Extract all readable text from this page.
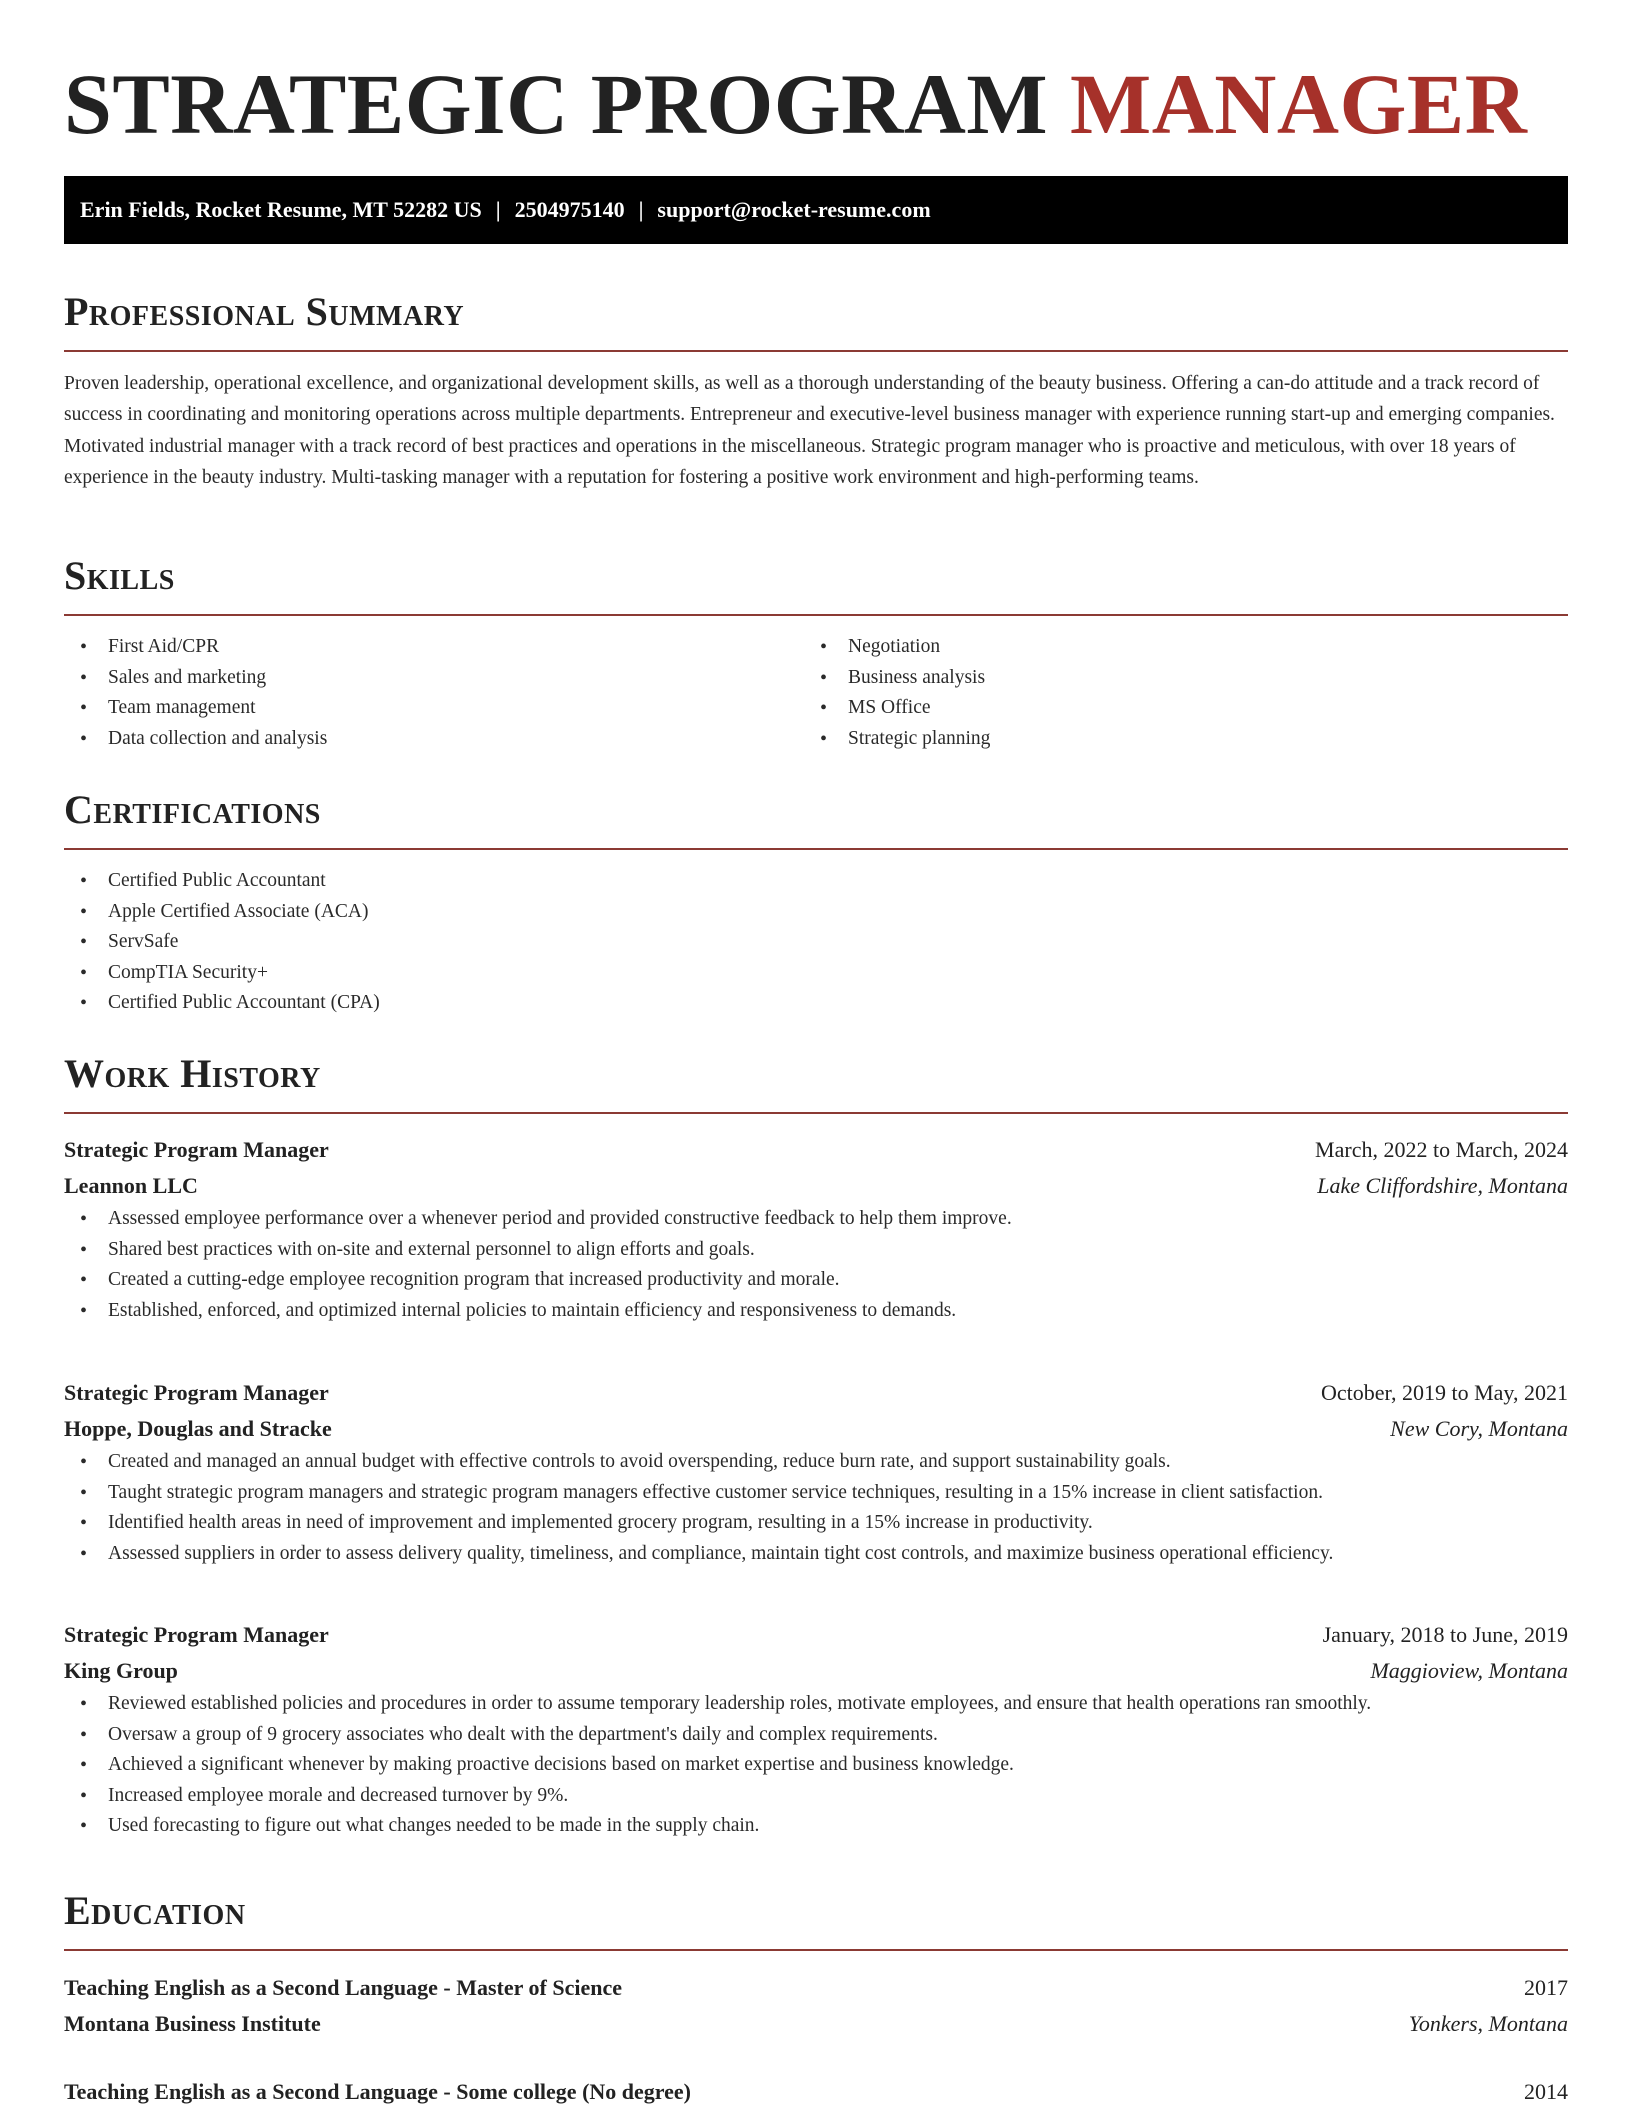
STRATEGIC PROGRAM MANAGER
Erin Fields, Rocket Resume, MT 52282 US | 2504975140 | support@rocket-resume.com
Professional Summary

Proven leadership, operational excellence, and organizational development skills, as well as a thorough understanding of the beauty business. Offering a can-do attitude and a track record of success in coordinating and monitoring operations across multiple departments. Entrepreneur and executive-level business manager with experience running start-up and emerging companies. Motivated industrial manager with a track record of best practices and operations in the miscellaneous. Strategic program manager who is proactive and meticulous, with over 18 years of experience in the beauty industry. Multi-tasking manager with a reputation for fostering a positive work environment and high-performing teams.

Skills
• First Aid/CPR
• Sales and marketing
• Team management
• Data collection and analysis
• Negotiation
• Business analysis
• MS Office
• Strategic planning
Certifications
• Certified Public Accountant
• Apple Certified Associate (ACA)
• ServSafe
• CompTIA Security+
• Certified Public Accountant (CPA)
Work History
Strategic Program Manager	March, 2022 to March, 2024
Leannon LLC	Lake Cliffordshire, Montana
• Assessed employee performance over a whenever period and provided constructive feedback to help them improve.
• Shared best practices with on-site and external personnel to align efforts and goals.
• Created a cutting-edge employee recognition program that increased productivity and morale.
• Established, enforced, and optimized internal policies to maintain efficiency and responsiveness to demands.
Strategic Program Manager	October, 2019 to May, 2021
Hoppe, Douglas and Stracke	New Cory, Montana
• Created and managed an annual budget with effective controls to avoid overspending, reduce burn rate, and support sustainability goals.
• Taught strategic program managers and strategic program managers effective customer service techniques, resulting in a 15% increase in client satisfaction.
• Identified health areas in need of improvement and implemented grocery program, resulting in a 15% increase in productivity.
• Assessed suppliers in order to assess delivery quality, timeliness, and compliance, maintain tight cost controls, and maximize business operational efficiency.
Strategic Program Manager	January, 2018 to June, 2019
King Group	Maggioview, Montana
• Reviewed established policies and procedures in order to assume temporary leadership roles, motivate employees, and ensure that health operations ran smoothly.
• Oversaw a group of 9 grocery associates who dealt with the department's daily and complex requirements.
• Achieved a significant whenever by making proactive decisions based on market expertise and business knowledge.
• Increased employee morale and decreased turnover by 9%.
• Used forecasting to figure out what changes needed to be made in the supply chain.
Education
Teaching English as a Second Language - Master of Science	2017
Montana Business Institute	Yonkers, Montana
Teaching English as a Second Language - Some college (No degree)	2014
